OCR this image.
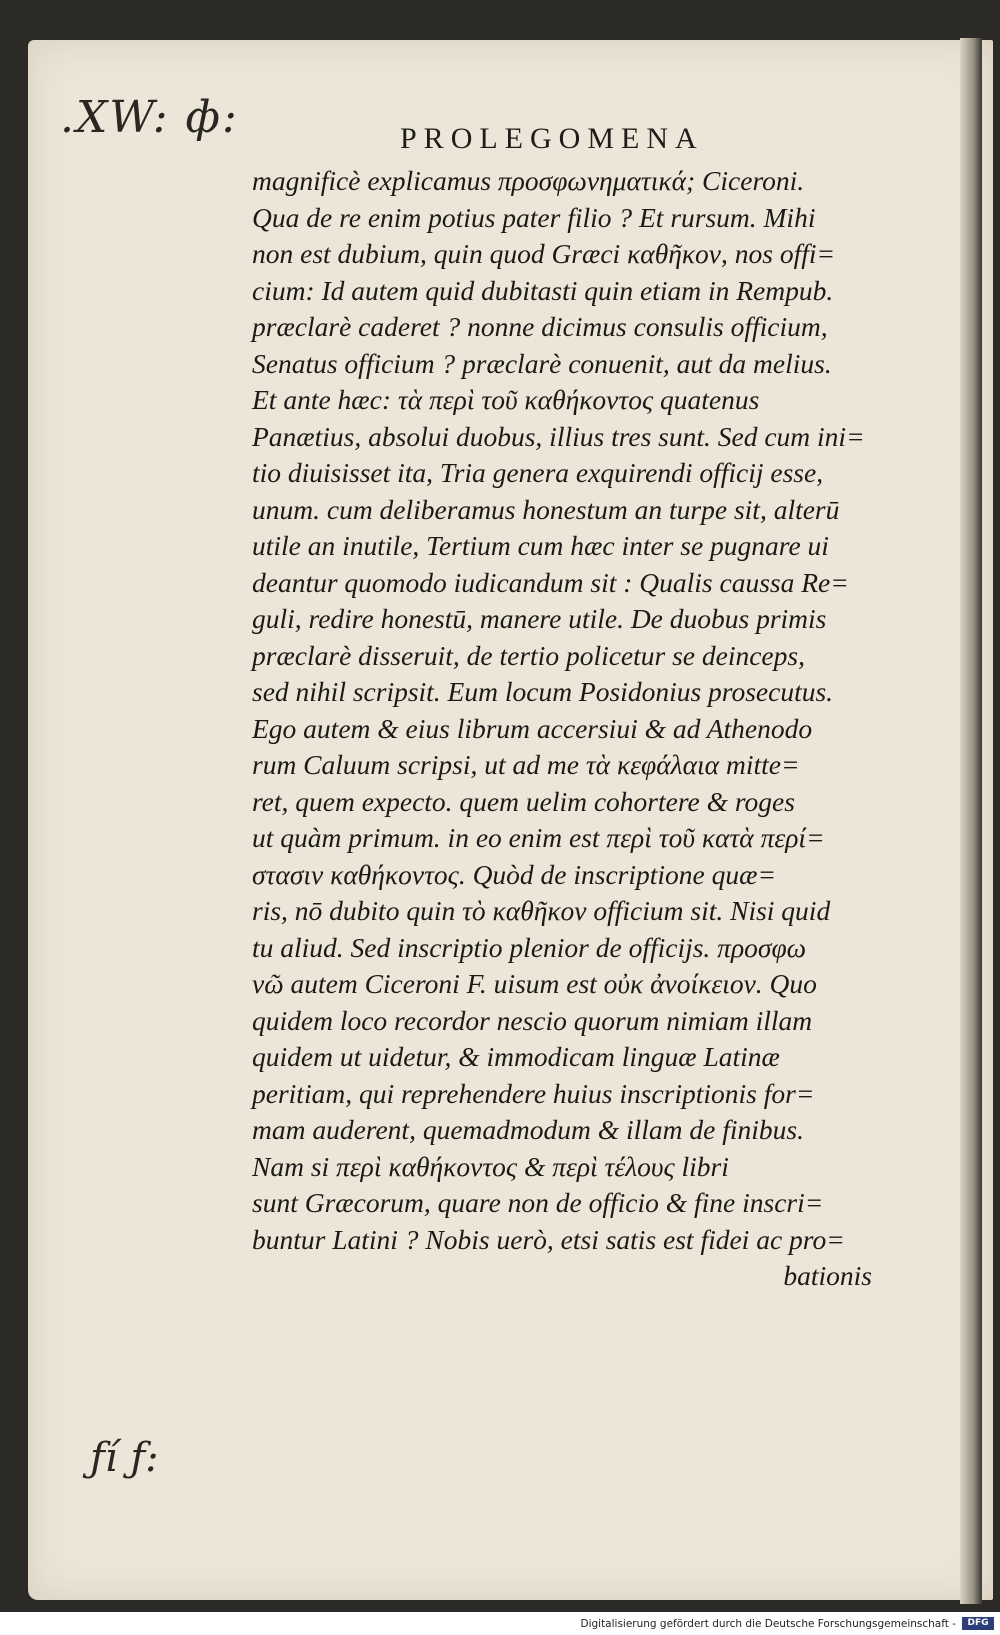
.XW: ф:
ƒí ƒ:
PROLEGOMENA
magnificè explicamus προσφωνηματικά; Ciceroni.
Qua de re enim potius pater filio ? Et rursum. Mihi
non est dubium, quin quod Græci καθῆκον, nos offi=
cium: Id autem quid dubitasti quin etiam in Rempub.
præclarè caderet ? nonne dicimus consulis officium,
Senatus officium ? præclarè conuenit, aut da melius.
Et ante hæc: τὰ περὶ τοῦ καθήκοντος quatenus
Panætius, absolui duobus, illius tres sunt. Sed cum ini=
tio diuisisset ita, Tria genera exquirendi officij esse,
unum. cum deliberamus honestum an turpe sit, alterū
utile an inutile, Tertium cum hæc inter se pugnare ui
deantur quomodo iudicandum sit : Qualis caussa Re=
guli, redire honestū, manere utile. De duobus primis
præclarè disseruit, de tertio policetur se deinceps,
sed nihil scripsit. Eum locum Posidonius prosecutus.
Ego autem & eius librum accersiui & ad Athenodo
rum Caluum scripsi, ut ad me τὰ κεφάλαια mitte=
ret, quem expecto. quem uelim cohortere & roges
ut quàm primum. in eo enim est περὶ τοῦ κατὰ περί=
στασιν καθήκοντος. Quòd de inscriptione quæ=
ris, nō dubito quin τὸ καθῆκον officium sit. Nisi quid
tu aliud. Sed inscriptio plenior de officijs. προσφω
νῶ autem Ciceroni F. uisum est οὐκ ἀνοίκειον. Quo
quidem loco recordor nescio quorum nimiam illam
quidem ut uidetur, & immodicam linguæ Latinæ
peritiam, qui reprehendere huius inscriptionis for=
mam auderent, quemadmodum & illam de finibus.
Nam si περὶ καθήκοντος & περὶ τέλους libri
sunt Græcorum, quare non de officio & fine inscri=
buntur Latini ? Nobis uerò, etsi satis est fidei ac pro=
bationis
Digitalisierung gefördert durch die Deutsche Forschungsgemeinschaft -	DFG
